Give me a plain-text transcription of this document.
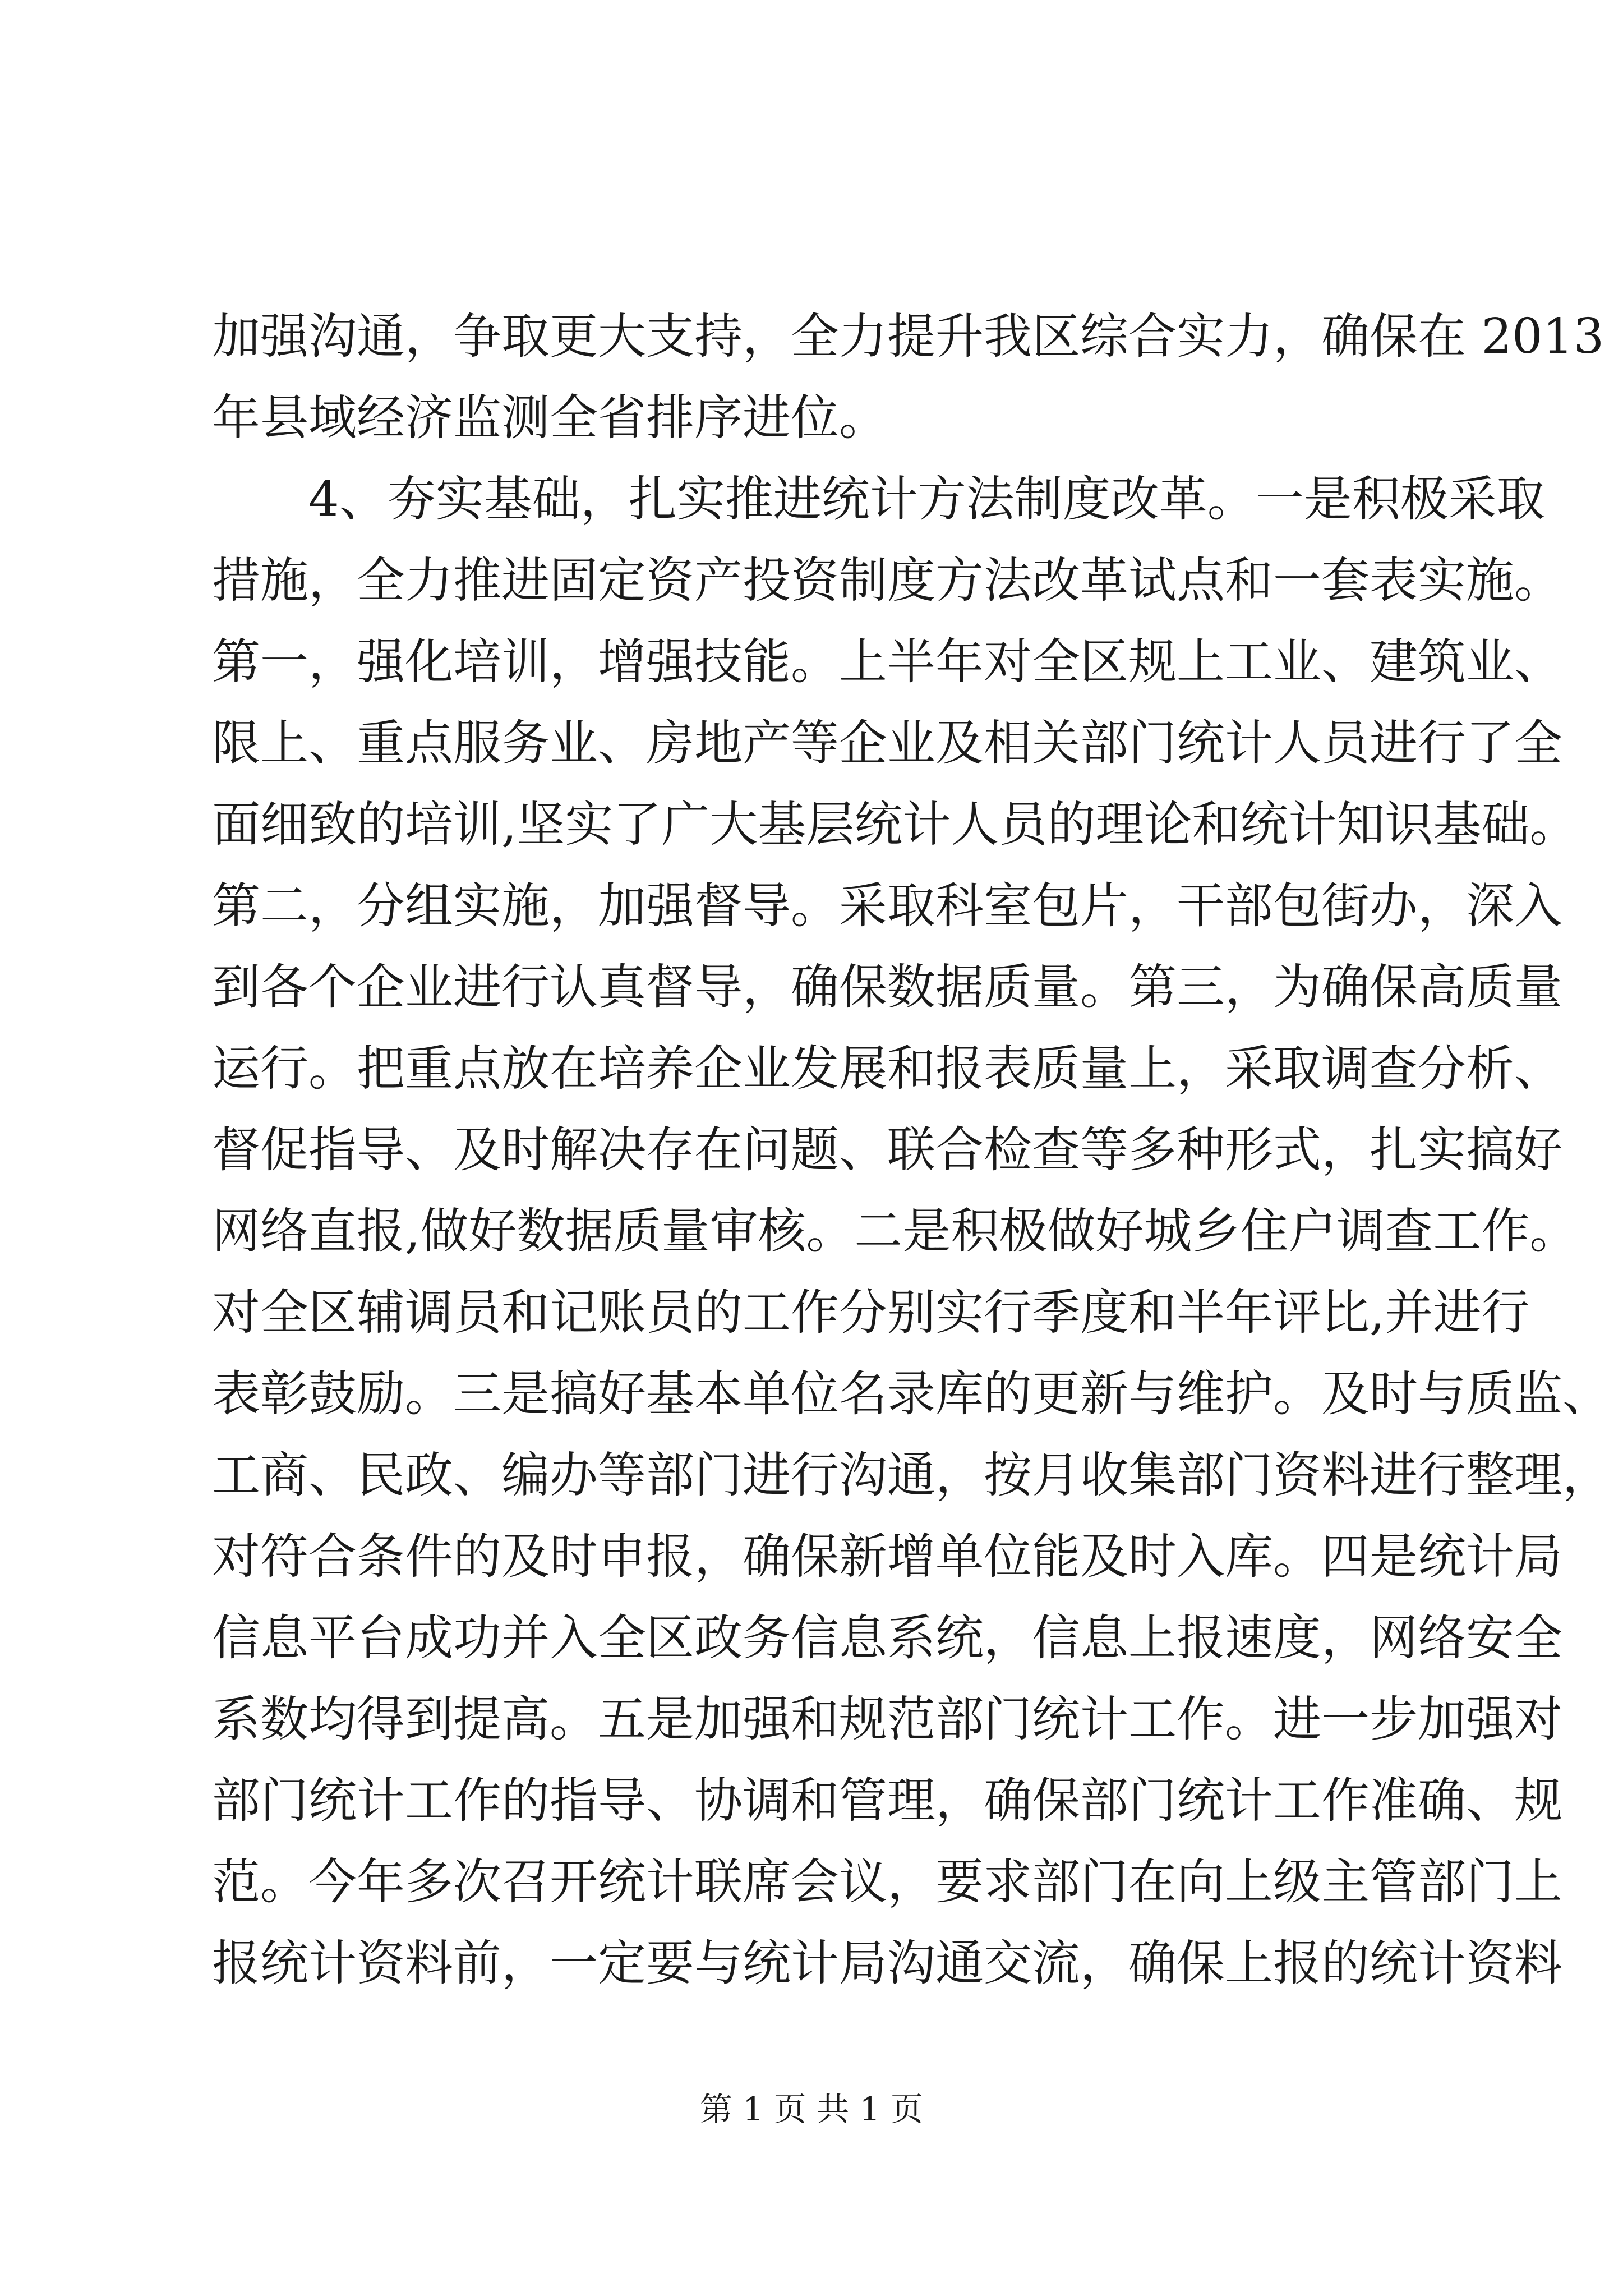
加强沟通，争取更大支持，全力提升我区综合实力，确保在 2013
年县域经济监测全省排序进位。
4、夯实基础，扎实推进统计方法制度改革。一是积极采取
措施，全力推进固定资产投资制度方法改革试点和一套表实施。
第一，强化培训，增强技能。上半年对全区规上工业、建筑业、
限上、重点服务业、房地产等企业及相关部门统计人员进行了全
面细致的培训,坚实了广大基层统计人员的理论和统计知识基础。
第二，分组实施，加强督导。采取科室包片，干部包街办，深入
到各个企业进行认真督导，确保数据质量。第三，为确保高质量
运行。把重点放在培养企业发展和报表质量上，采取调查分析、
督促指导、及时解决存在问题、联合检查等多种形式，扎实搞好
网络直报,做好数据质量审核。二是积极做好城乡住户调查工作。
对全区辅调员和记账员的工作分别实行季度和半年评比,并进行
表彰鼓励。三是搞好基本单位名录库的更新与维护。及时与质监、
工商、民政、编办等部门进行沟通，按月收集部门资料进行整理，
对符合条件的及时申报，确保新增单位能及时入库。四是统计局
信息平台成功并入全区政务信息系统，信息上报速度，网络安全
系数均得到提高。五是加强和规范部门统计工作。进一步加强对
部门统计工作的指导、协调和管理，确保部门统计工作准确、规
范。今年多次召开统计联席会议，要求部门在向上级主管部门上
报统计资料前，一定要与统计局沟通交流，确保上报的统计资料
第 1 页 共 1 页
